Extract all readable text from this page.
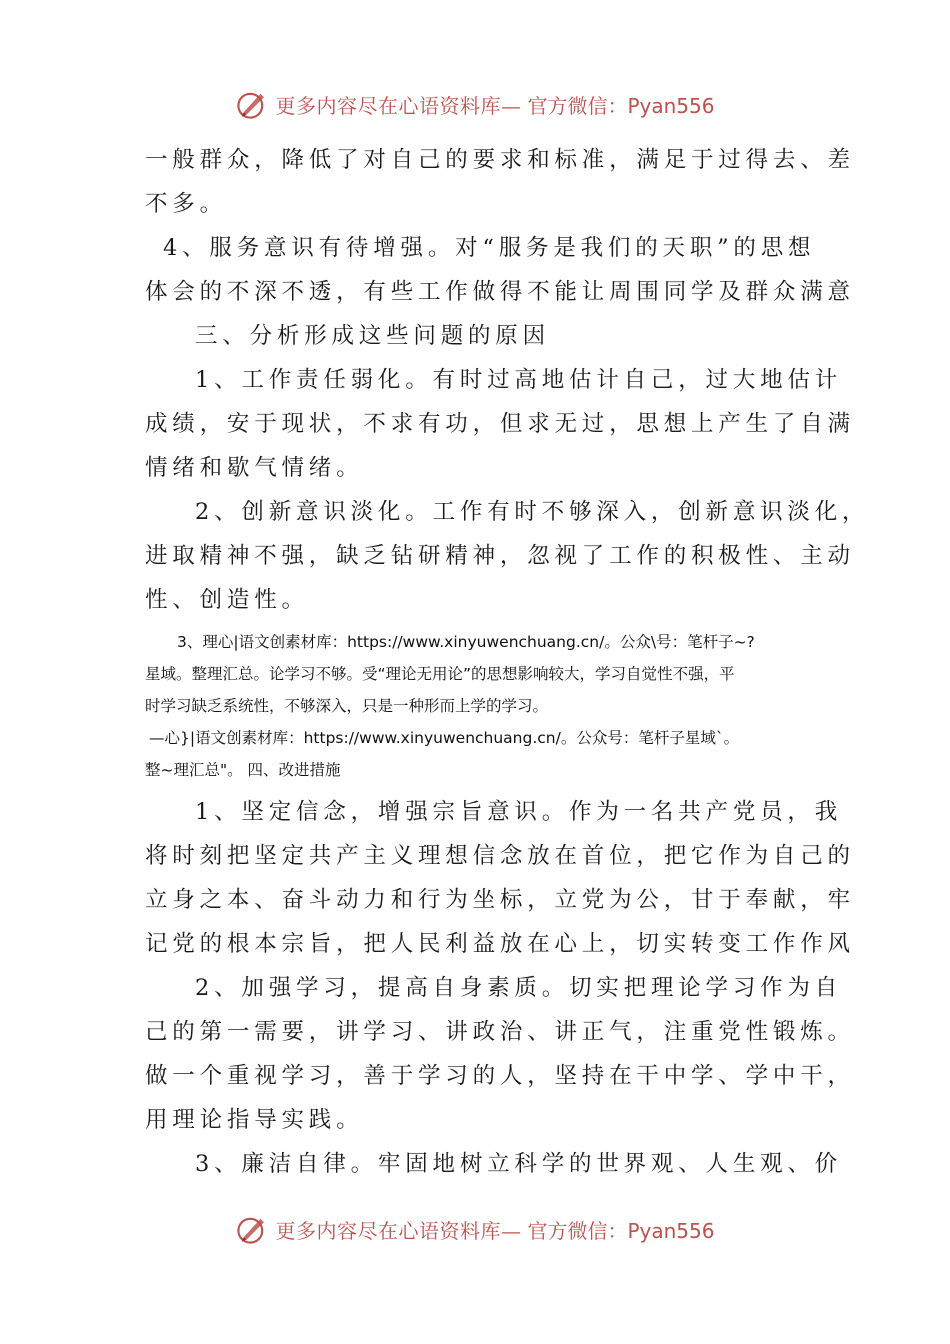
更多内容尽在心语资料库— 官方微信：Pyan556
一般群众，降低了对自己的要求和标准，满足于过得去、差
不多。
4、服务意识有待增强。对“服务是我们的天职”的思想
体会的不深不透，有些工作做得不能让周围同学及群众满意
三、分析形成这些问题的原因
1、工作责任弱化。有时过高地估计自己，过大地估计
成绩，安于现状，不求有功，但求无过，思想上产生了自满
情绪和歇气情绪。
2、创新意识淡化。工作有时不够深入，创新意识淡化，
进取精神不强，缺乏钻研精神，忽视了工作的积极性、主动
性、创造性。
3、理心|语文创素材库：https://www.xinyuwenchuang.cn/。公众\号：笔杆子~?
星域。整理汇总。论学习不够。受“理论无用论”的思想影响较大，学习自觉性不强，平
时学习缺乏系统性，不够深入，只是一种形而上学的学习。
—心}|语文创素材库：https://www.xinyuwenchuang.cn/。公众号：笔杆子星域`。
整~理汇总"。 四、改进措施
1、坚定信念，增强宗旨意识。作为一名共产党员，我
将时刻把坚定共产主义理想信念放在首位，把它作为自己的
立身之本、奋斗动力和行为坐标，立党为公，甘于奉献，牢
记党的根本宗旨，把人民利益放在心上，切实转变工作作风
2、加强学习，提高自身素质。切实把理论学习作为自
己的第一需要，讲学习、讲政治、讲正气，注重党性锻炼。
做一个重视学习，善于学习的人，坚持在干中学、学中干，
用理论指导实践。
3、廉洁自律。牢固地树立科学的世界观、人生观、价
更多内容尽在心语资料库— 官方微信：Pyan556
